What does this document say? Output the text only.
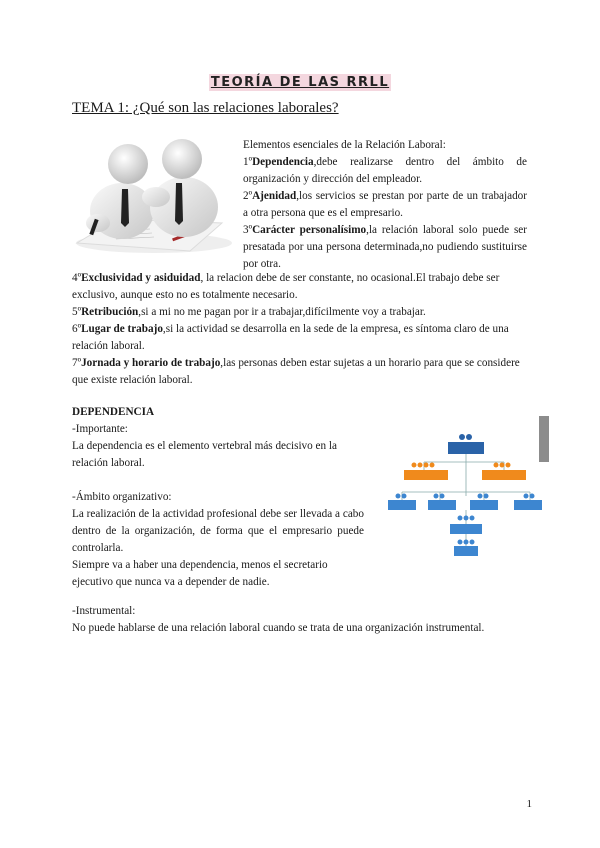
TEORÍA DE LAS RRLL
TEMA 1: ¿Qué son las relaciones laborales?

Elementos esenciales de la Relación Laboral:

1ºDependencia,debe realizarse dentro del ámbito de organización y dirección del empleador.

2ºAjenidad,los servicios se prestan por parte de un trabajador a otra persona que es el empresario.

3ºCarácter personalísimo,la relación laboral solo puede ser presatada por una persona determinada,no pudiendo sustituirse por otra.

4ºExclusividad y asiduidad, la relacion debe de ser constante, no ocasional.El trabajo debe ser exclusivo, aunque esto no es totalmente necesario.

5ºRetribución,si a mi no me pagan por ir a trabajar,difícilmente voy a trabajar.

6ºLugar de trabajo,si la actividad se desarrolla en la sede de la empresa, es síntoma claro de una relación laboral.

7ºJornada y horario de trabajo,las personas deben estar sujetas a un horario para que se considere que existe relación laboral.

DEPENDENCIA

-Importante:

La dependencia es el elemento vertebral más decisivo en la relación laboral.

-Ámbito organizativo:

La realización de la actividad profesional debe ser llevada a cabo dentro de la organización, de forma que el empresario puede controlarla.

Siempre va a haber una dependencia, menos el secretario ejecutivo que nunca va a depender de nadie.

-Instrumental:

No puede hablarse de una relación laboral cuando se trata de una organización instrumental.

1
